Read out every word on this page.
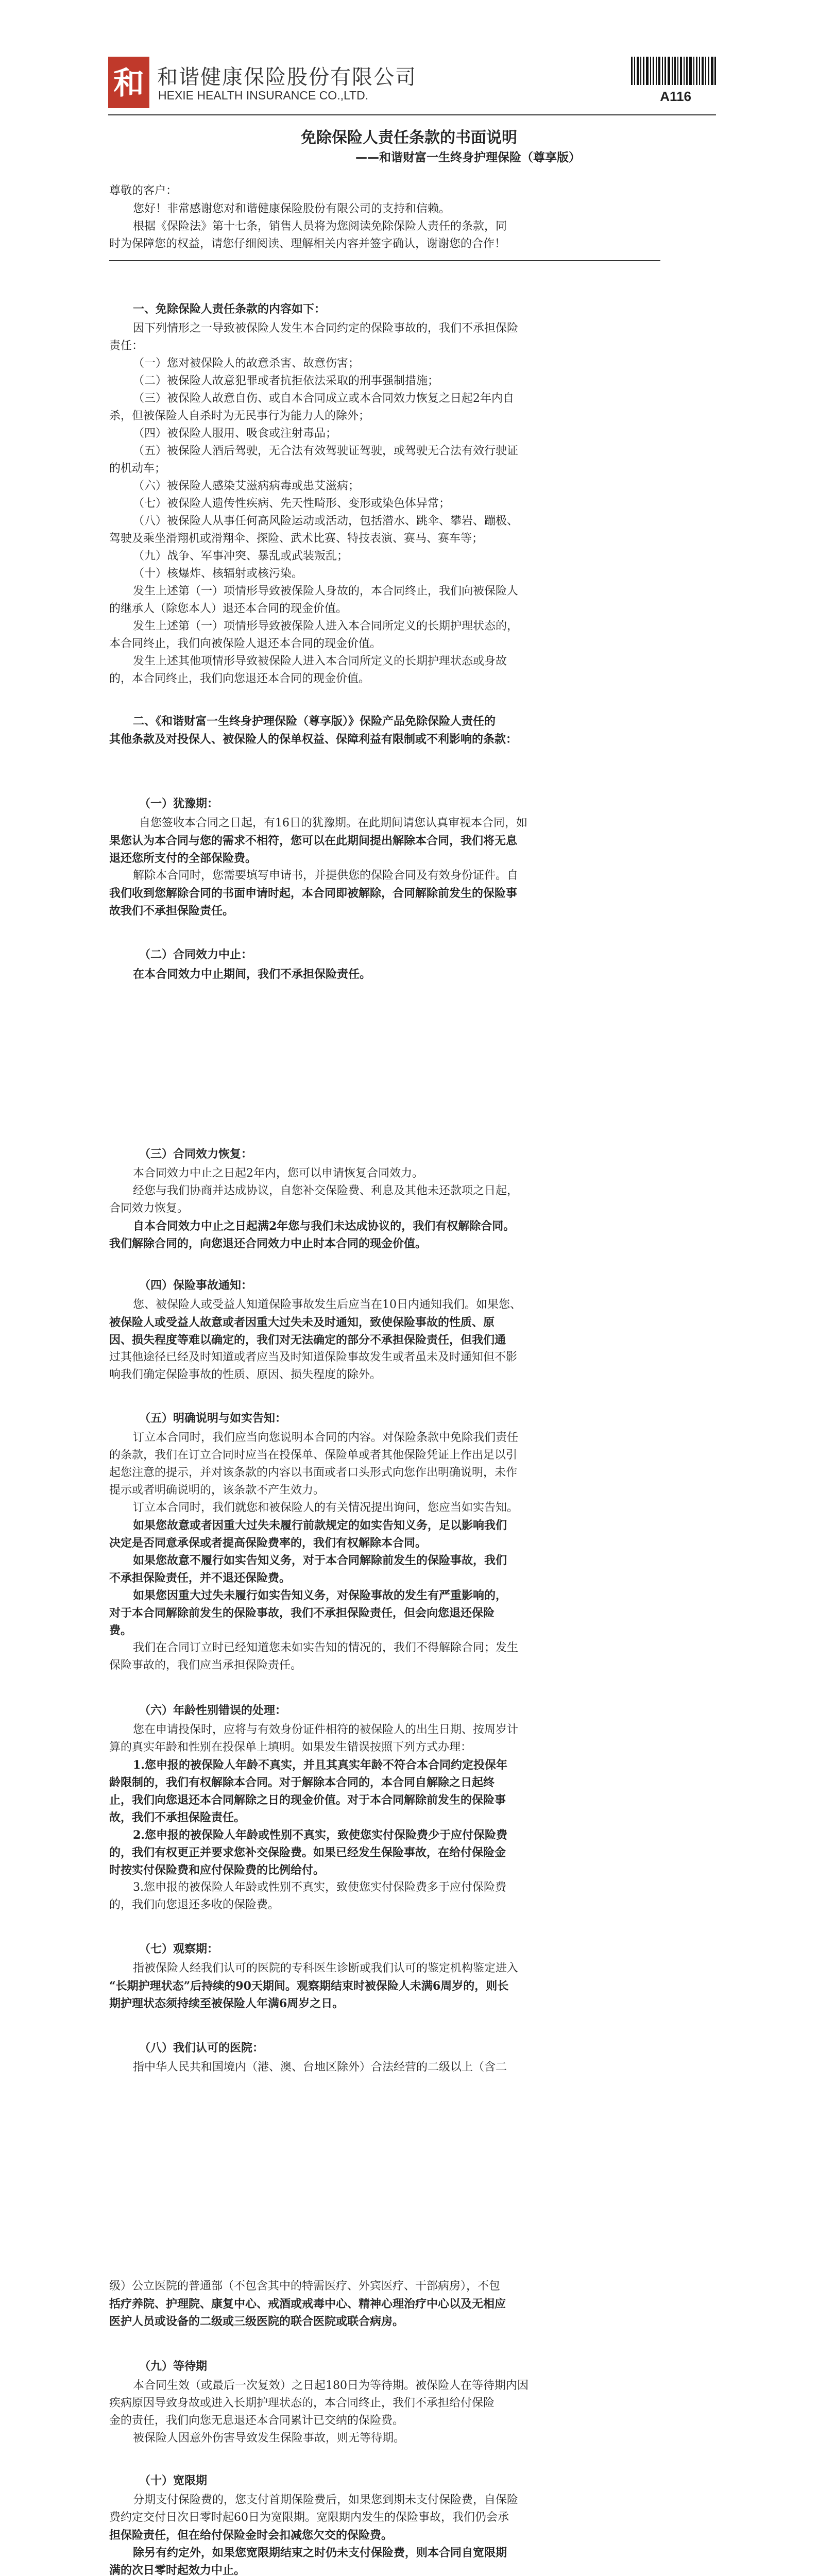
和 和谐健康保险股份有限公司
HEXIE HEALTH INSURANCE CO.,LTD.	A116
免除保险人责任条款的书面说明
——和谐财富一生终身护理保险（尊享版）
尊敬的客户：
您好！非常感谢您对和谐健康保险股份有限公司的支持和信赖。
根据《保险法》第十七条，销售人员将为您阅读免除保险人责任的条款，同
时为保障您的权益，请您仔细阅读、理解相关内容并签字确认，谢谢您的合作！
一、免除保险人责任条款的内容如下：
因下列情形之一导致被保险人发生本合同约定的保险事故的，我们不承担保险
责任：
（一）您对被保险人的故意杀害、故意伤害；
（二）被保险人故意犯罪或者抗拒依法采取的刑事强制措施；
（三）被保险人故意自伤、或自本合同成立或本合同效力恢复之日起2年内自
杀，但被保险人自杀时为无民事行为能力人的除外；
（四）被保险人服用、吸食或注射毒品；
（五）被保险人酒后驾驶，无合法有效驾驶证驾驶，或驾驶无合法有效行驶证
的机动车；
（六）被保险人感染艾滋病病毒或患艾滋病；
（七）被保险人遗传性疾病、先天性畸形、变形或染色体异常；
（八）被保险人从事任何高风险运动或活动，包括潜水、跳伞、攀岩、蹦极、
驾驶及乘坐滑翔机或滑翔伞、探险、武术比赛、特技表演、赛马、赛车等；
（九）战争、军事冲突、暴乱或武装叛乱；
（十）核爆炸、核辐射或核污染。
发生上述第（一）项情形导致被保险人身故的，本合同终止，我们向被保险人
的继承人（除您本人）退还本合同的现金价值。
发生上述第（一）项情形导致被保险人进入本合同所定义的长期护理状态的，
本合同终止，我们向被保险人退还本合同的现金价值。
发生上述其他项情形导致被保险人进入本合同所定义的长期护理状态或身故
的，本合同终止，我们向您退还本合同的现金价值。
二、《和谐财富一生终身护理保险（尊享版）》保险产品免除保险人责任的
其他条款及对投保人、被保险人的保单权益、保障利益有限制或不利影响的条款：
（一）犹豫期：
自您签收本合同之日起，有16日的犹豫期。在此期间请您认真审视本合同，如
果您认为本合同与您的需求不相符，您可以在此期间提出解除本合同，我们将无息
退还您所支付的全部保险费。
解除本合同时，您需要填写申请书，并提供您的保险合同及有效身份证件。自
我们收到您解除合同的书面申请时起，本合同即被解除，合同解除前发生的保险事
故我们不承担保险责任。
（二）合同效力中止：
在本合同效力中止期间，我们不承担保险责任。
（三）合同效力恢复：
本合同效力中止之日起2年内，您可以申请恢复合同效力。
经您与我们协商并达成协议，自您补交保险费、利息及其他未还款项之日起，
合同效力恢复。
自本合同效力中止之日起满2年您与我们未达成协议的，我们有权解除合同。
我们解除合同的，向您退还合同效力中止时本合同的现金价值。
（四）保险事故通知：
您、被保险人或受益人知道保险事故发生后应当在10日内通知我们。如果您、
被保险人或受益人故意或者因重大过失未及时通知，致使保险事故的性质、原
因、损失程度等难以确定的，我们对无法确定的部分不承担保险责任，但我们通
过其他途径已经及时知道或者应当及时知道保险事故发生或者虽未及时通知但不影
响我们确定保险事故的性质、原因、损失程度的除外。
（五）明确说明与如实告知：
订立本合同时，我们应当向您说明本合同的内容。对保险条款中免除我们责任
的条款，我们在订立合同时应当在投保单、保险单或者其他保险凭证上作出足以引
起您注意的提示，并对该条款的内容以书面或者口头形式向您作出明确说明，未作
提示或者明确说明的，该条款不产生效力。
订立本合同时，我们就您和被保险人的有关情况提出询问，您应当如实告知。
如果您故意或者因重大过失未履行前款规定的如实告知义务，足以影响我们
决定是否同意承保或者提高保险费率的，我们有权解除本合同。
如果您故意不履行如实告知义务，对于本合同解除前发生的保险事故，我们
不承担保险责任，并不退还保险费。
如果您因重大过失未履行如实告知义务，对保险事故的发生有严重影响的，
对于本合同解除前发生的保险事故，我们不承担保险责任，但会向您退还保险
费。
我们在合同订立时已经知道您未如实告知的情况的，我们不得解除合同；发生
保险事故的，我们应当承担保险责任。
（六）年龄性别错误的处理：
您在申请投保时，应将与有效身份证件相符的被保险人的出生日期、按周岁计
算的真实年龄和性别在投保单上填明。如果发生错误按照下列方式办理：
1.您申报的被保险人年龄不真实，并且其真实年龄不符合本合同约定投保年
龄限制的，我们有权解除本合同。对于解除本合同的，本合同自解除之日起终
止，我们向您退还本合同解除之日的现金价值。对于本合同解除前发生的保险事
故，我们不承担保险责任。
2.您申报的被保险人年龄或性别不真实，致使您实付保险费少于应付保险费
的，我们有权更正并要求您补交保险费。如果已经发生保险事故，在给付保险金
时按实付保险费和应付保险费的比例给付。
3.您申报的被保险人年龄或性别不真实，致使您实付保险费多于应付保险费
的，我们向您退还多收的保险费。
（七）观察期：
指被保险人经我们认可的医院的专科医生诊断或我们认可的鉴定机构鉴定进入
“长期护理状态”后持续的90天期间。观察期结束时被保险人未满6周岁的，则长
期护理状态须持续至被保险人年满6周岁之日。
（八）我们认可的医院：
指中华人民共和国境内（港、澳、台地区除外）合法经营的二级以上（含二
级）公立医院的普通部（不包含其中的特需医疗、外宾医疗、干部病房），不包
括疗养院、护理院、康复中心、戒酒或戒毒中心、精神心理治疗中心以及无相应
医护人员或设备的二级或三级医院的联合医院或联合病房。
（九）等待期
本合同生效（或最后一次复效）之日起180日为等待期。被保险人在等待期内因
疾病原因导致身故或进入长期护理状态的，本合同终止，我们不承担给付保险
金的责任，我们向您无息退还本合同累计已交纳的保险费。
被保险人因意外伤害导致发生保险事故，则无等待期。
（十）宽限期
分期支付保险费的，您支付首期保险费后，如果您到期未支付保险费，自保险
费约定交付日次日零时起60日为宽限期。宽限期内发生的保险事故，我们仍会承
担保险责任，但在给付保险金时会扣减您欠交的保险费。
除另有约定外，如果您宽限期结束之时仍未支付保险费，则本合同自宽限期
满的次日零时起效力中止。
